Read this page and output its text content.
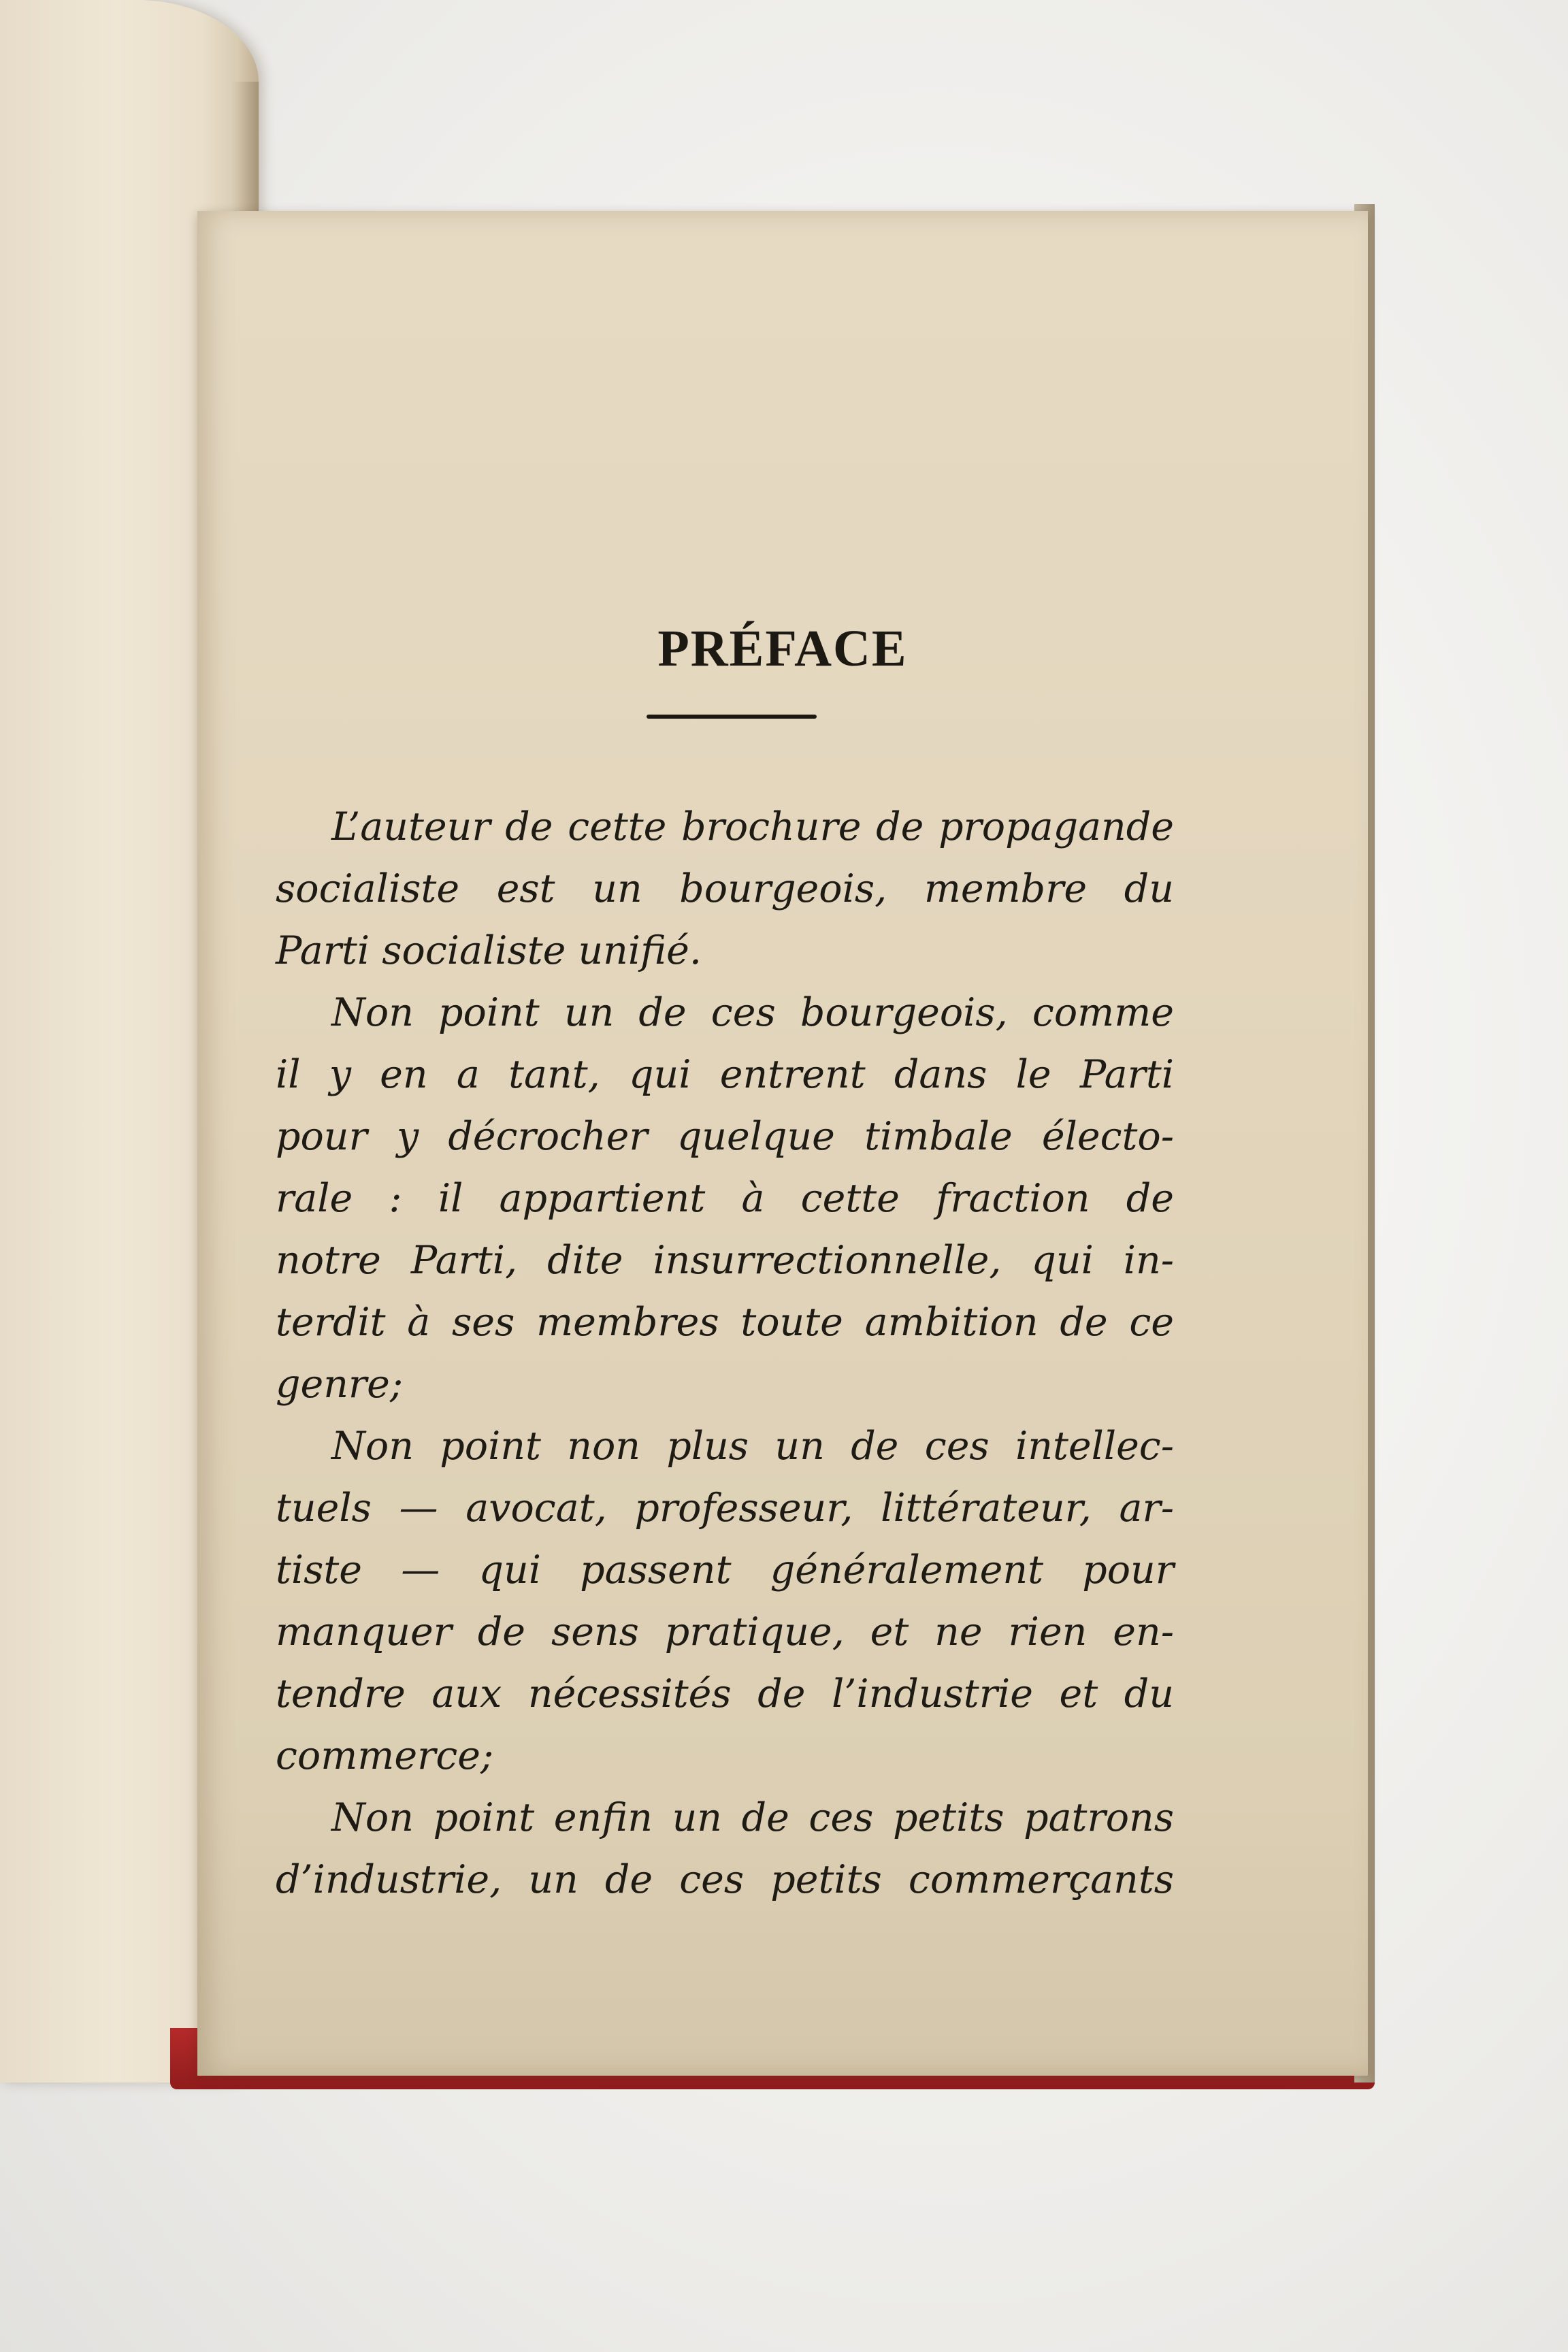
PRÉFACE
L’auteur de cette brochure de propagande
socialiste est un bourgeois, membre du
Parti socialiste unifié.
Non point un de ces bourgeois, comme
il y en a tant, qui entrent dans le Parti
pour y décrocher quelque timbale électo-
rale : il appartient à cette fraction de
notre Parti, dite insurrectionnelle, qui in-
terdit à ses membres toute ambition de ce
genre;
Non point non plus un de ces intellec-
tuels — avocat, professeur, littérateur, ar-
tiste — qui passent généralement pour
manquer de sens pratique, et ne rien en-
tendre aux nécessités de l’industrie et du
commerce;
Non point enfin un de ces petits patrons
d’industrie, un de ces petits commerçants
